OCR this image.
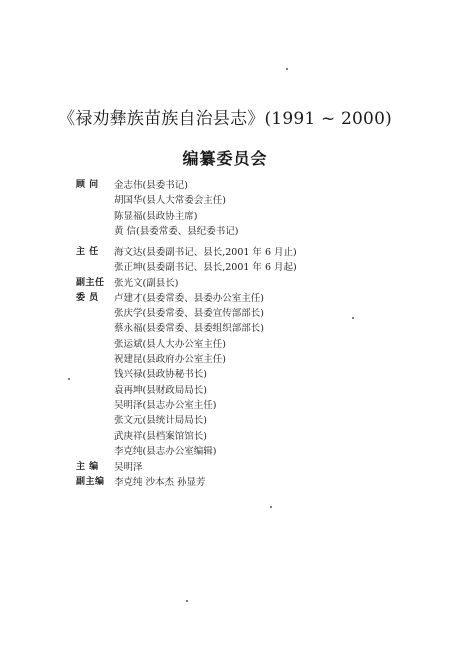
《禄劝彝族苗族自治县志》(1991 ~ 2000)
编纂委员会
顾 问	金志伟(县委书记)
胡国华(县人大常委会主任)
陈显福(县政协主席)
黄 信(县委常委、县纪委书记)
主 任	海文达(县委副书记、县长,2001 年 6 月止)
张正坤(县委副书记、县长,2001 年 6 月起)
副主任 张光文(副县长)
委 员	卢建才(县委常委、县委办公室主任)
张庆学(县委常委、县委宣传部部长)
蔡永福(县委常委、县委组织部部长)
张运斌(县人大办公室主任)
祝建昆(县政府办公室主任)
钱兴禄(县政协秘书长)
袁再坤(县财政局局长)
吴明泽(县志办公室主任)
张文元(县统计局局长)
武庚祥(县档案馆馆长)
李克纯(县志办公室编辑)
主 编	吴明泽
副主编 李克纯 沙本杰 孙显芳
